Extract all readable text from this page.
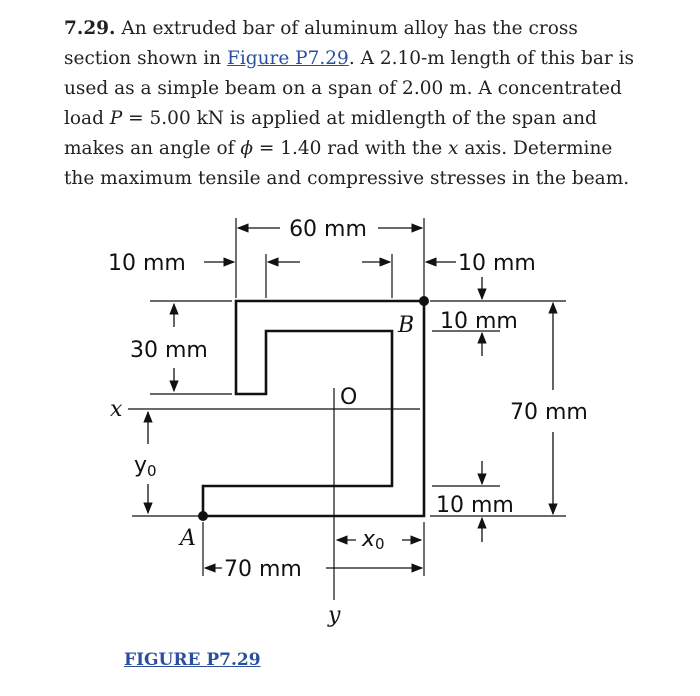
7.29. An extruded bar of aluminum alloy has the cross section shown in Figure P7.29. A 2.10-m length of this bar is used as a simple beam on a span of 2.00 m. A concentrated load P = 5.00 kN is applied at midlength of the span and makes an angle of ϕ = 1.40 rad with the x axis. Determine the maximum tensile and compressive stresses in the beam.
60 mm
10 mm	10 mm
B 10 mm
70 mm
10 mm
30 mm
x	O
y0
A
70 mm
x0
y
FIGURE P7.29
